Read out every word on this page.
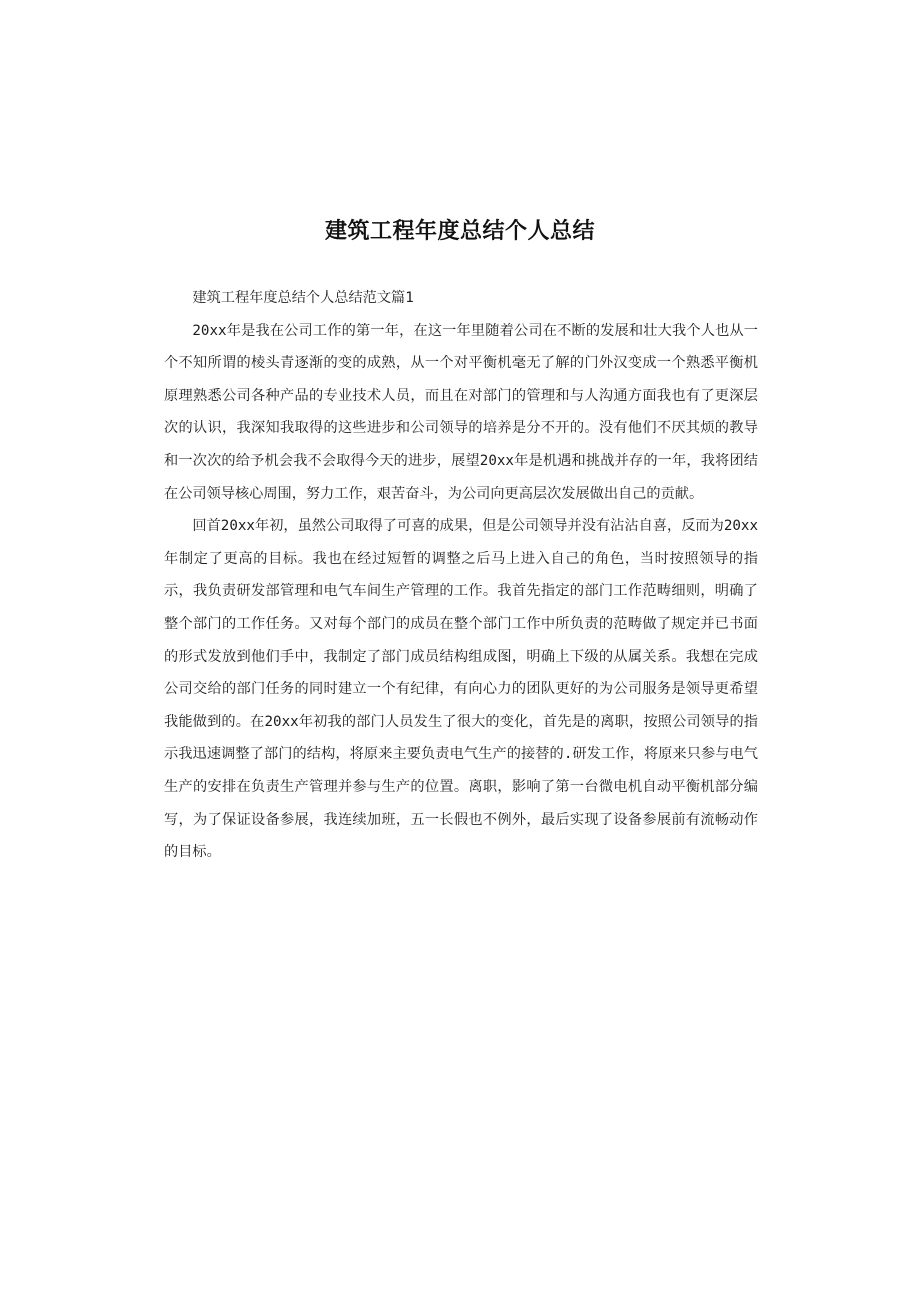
建筑工程年度总结个人总结

建筑工程年度总结个人总结范文篇1

20xx年是我在公司工作的第一年，在这一年里随着公司在不断的发展和壮大我个人也从一个不知所谓的棱头青逐渐的变的成熟，从一个对平衡机毫无了解的门外汉变成一个熟悉平衡机原理熟悉公司各种产品的专业技术人员，而且在对部门的管理和与人沟通方面我也有了更深层次的认识，我深知我取得的这些进步和公司领导的培养是分不开的。没有他们不厌其烦的教导和一次次的给予机会我不会取得今天的进步，展望20xx年是机遇和挑战并存的一年，我将团结在公司领导核心周围，努力工作，艰苦奋斗，为公司向更高层次发展做出自己的贡献。

回首20xx年初，虽然公司取得了可喜的成果，但是公司领导并没有沾沾自喜，反而为20xx年制定了更高的目标。我也在经过短暂的调整之后马上进入自己的角色，当时按照领导的指示，我负责研发部管理和电气车间生产管理的工作。我首先指定的部门工作范畴细则，明确了整个部门的工作任务。又对每个部门的成员在整个部门工作中所负责的范畴做了规定并已书面的形式发放到他们手中，我制定了部门成员结构组成图，明确上下级的从属关系。我想在完成公司交给的部门任务的同时建立一个有纪律，有向心力的团队更好的为公司服务是领导更希望我能做到的。在20xx年初我的部门人员发生了很大的变化，首先是的离职，按照公司领导的指示我迅速调整了部门的结构，将原来主要负责电气生产的接替的.研发工作，将原来只参与电气生产的安排在负责生产管理并参与生产的位置。离职，影响了第一台微电机自动平衡机部分编写，为了保证设备参展，我连续加班，五一长假也不例外，最后实现了设备参展前有流畅动作的目标。
